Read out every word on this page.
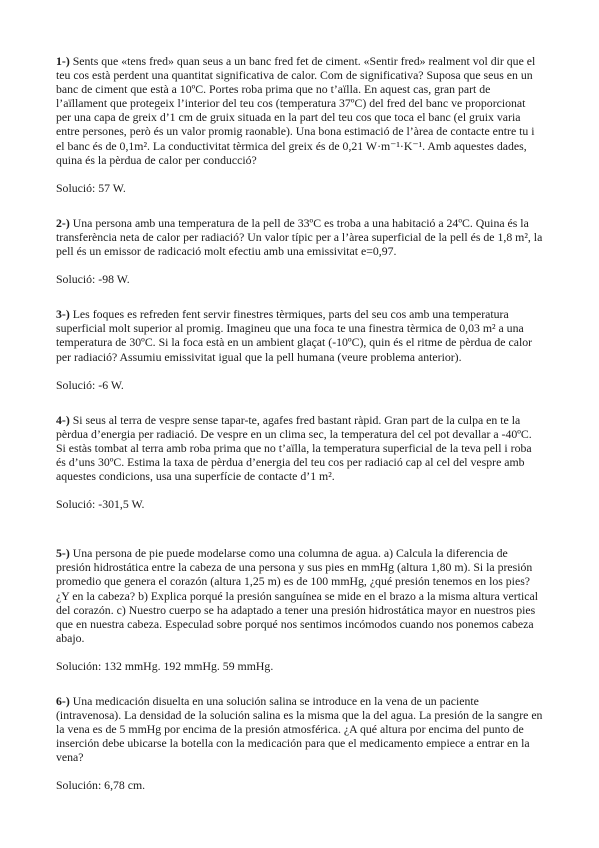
1-) Sents que «tens fred» quan seus a un banc fred fet de ciment. «Sentir fred» realment vol dir que el teu cos està perdent una quantitat significativa de calor. Com de significativa? Suposa que seus en un banc de ciment que està a 10ºC. Portes roba prima que no t’aïlla. En aquest cas, gran part de l’aïllament que protegeix l’interior del teu cos (temperatura 37ºC) del fred del banc ve proporcionat per una capa de greix d’1 cm de gruix situada en la part del teu cos que toca el banc (el gruix varia entre persones, però és un valor promig raonable). Una bona estimació de l’àrea de contacte entre tu i el banc és de 0,1m². La conductivitat tèrmica del greix és de 0,21 W·m⁻¹·K⁻¹. Amb aquestes dades, quina és la pèrdua de calor per conducció?

Solució: 57 W.

2-) Una persona amb una temperatura de la pell de 33ºC es troba a una habitació a 24ºC. Quina és la transferència neta de calor per radiació? Un valor típic per a l’àrea superficial de la pell és de 1,8 m², la pell és un emissor de radicació molt efectiu amb una emissivitat e=0,97.

Solució: -98 W.

3-) Les foques es refreden fent servir finestres tèrmiques, parts del seu cos amb una temperatura superficial molt superior al promig. Imagineu que una foca te una finestra tèrmica de 0,03 m² a una temperatura de 30ºC. Si la foca està en un ambient glaçat (-10ºC), quin és el ritme de pèrdua de calor per radiació? Assumiu emissivitat igual que la pell humana (veure problema anterior).

Solució: -6 W.

4-) Si seus al terra de vespre sense tapar-te, agafes fred bastant ràpid. Gran part de la culpa en te la pèrdua d’energia per radiació. De vespre en un clima sec, la temperatura del cel pot devallar a -40ºC. Si estàs tombat al terra amb roba prima que no t’aïlla, la temperatura superficial de la teva pell i roba és d’uns 30ºC. Estima la taxa de pèrdua d’energia del teu cos per radiació cap al cel del vespre amb aquestes condicions, usa una superfície de contacte d’1 m².

Solució: -301,5 W.

5-) Una persona de pie puede modelarse como una columna de agua. a) Calcula la diferencia de presión hidrostática entre la cabeza de una persona y sus pies en mmHg (altura 1,80 m). Si la presión promedio que genera el corazón (altura 1,25 m) es de 100 mmHg, ¿qué presión tenemos en los pies? ¿Y en la cabeza? b) Explica porqué la presión sanguínea se mide en el brazo a la misma altura vertical del corazón. c) Nuestro cuerpo se ha adaptado a tener una presión hidrostática mayor en nuestros pies que en nuestra cabeza. Especulad sobre porqué nos sentimos incómodos cuando nos ponemos cabeza abajo.

Solución: 132 mmHg. 192 mmHg. 59 mmHg.

6-) Una medicación disuelta en una solución salina se introduce en la vena de un paciente (intravenosa). La densidad de la solución salina es la misma que la del agua. La presión de la sangre en la vena es de 5 mmHg por encima de la presión atmosférica. ¿A qué altura por encima del punto de inserción debe ubicarse la botella con la medicación para que el medicamento empiece a entrar en la vena?

Solución: 6,78 cm.
